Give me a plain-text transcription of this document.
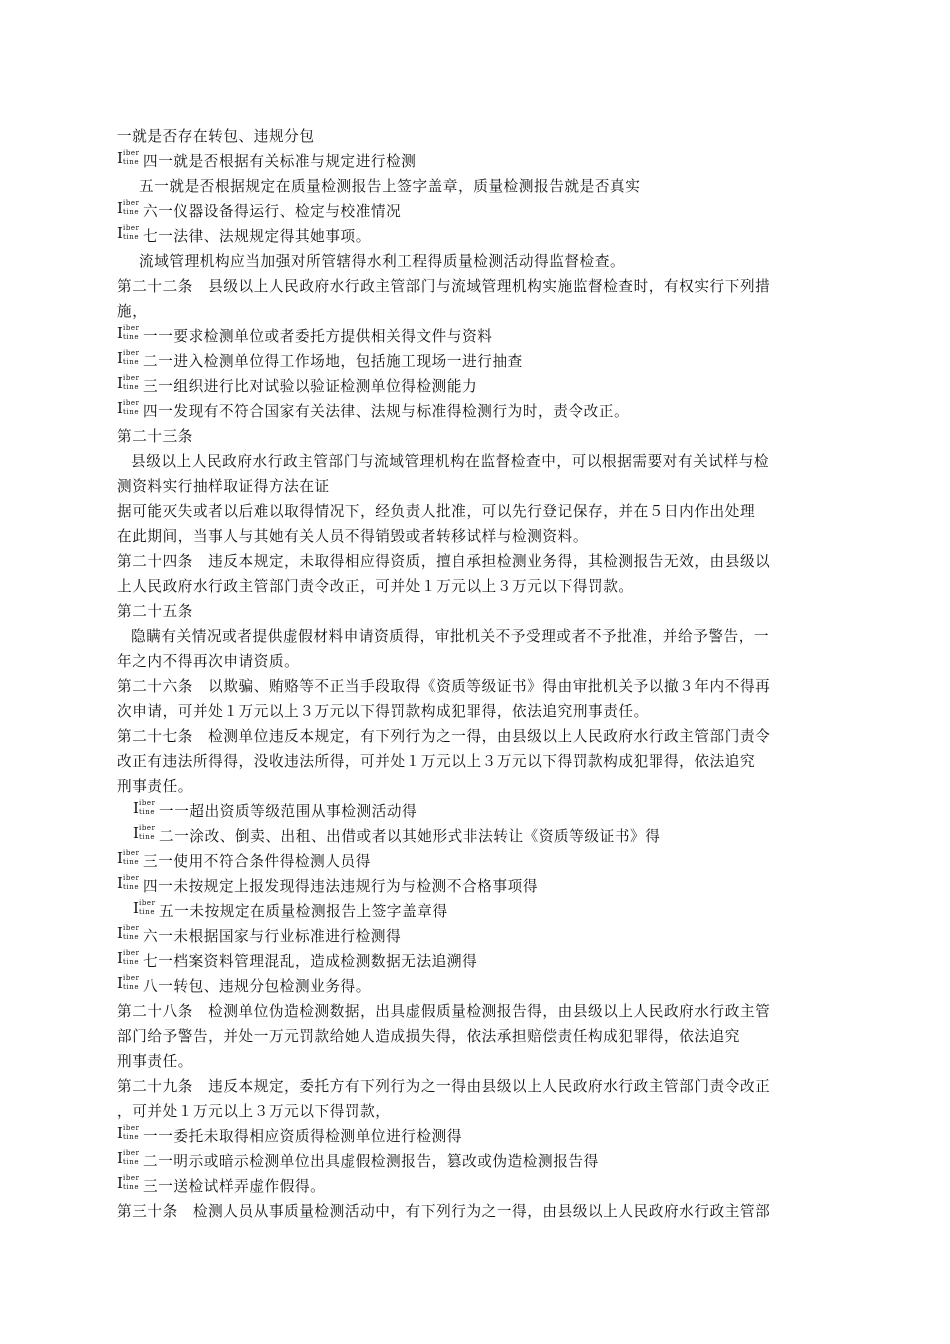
一就是否存在转包、违规分包
I iber
tine 四一就是否根据有关标准与规定进行检测
五一就是否根据规定在质量检测报告上签字盖章，质量检测报告就是否真实
I iber
tine 六一仪器设备得运行、检定与校准情况
I iber
tine 七一法律、法规规定得其她事项。
流域管理机构应当加强对所管辖得水利工程得质量检测活动得监督检查。
第二十二条　县级以上人民政府水行政主管部门与流域管理机构实施监督检查时，有权实行下列措
施，
I iber
tine 一一要求检测单位或者委托方提供相关得文件与资料
I iber
tine 二一进入检测单位得工作场地，包括施工现场一进行抽查
I iber
tine 三一组织进行比对试验以验证检测单位得检测能力
I iber
tine 四一发现有不符合国家有关法律、法规与标准得检测行为时，责令改正。
第二十三条
县级以上人民政府水行政主管部门与流域管理机构在监督检查中，可以根据需要对有关试样与检
测资料实行抽样取证得方法在证
据可能灭失或者以后难以取得情况下，经负责人批准，可以先行登记保存，并在５日内作出处理
在此期间，当事人与其她有关人员不得销毁或者转移试样与检测资料。
第二十四条　违反本规定，未取得相应得资质，擅自承担检测业务得，其检测报告无效，由县级以
上人民政府水行政主管部门责令改正，可并处１万元以上３万元以下得罚款。
第二十五条
隐瞒有关情况或者提供虚假材料申请资质得，审批机关不予受理或者不予批准，并给予警告，一
年之内不得再次申请资质。
第二十六条　以欺骗、贿赂等不正当手段取得《资质等级证书》得由审批机关予以撤３年内不得再
次申请，可并处１万元以上３万元以下得罚款构成犯罪得，依法追究刑事责任。
第二十七条　检测单位违反本规定，有下列行为之一得，由县级以上人民政府水行政主管部门责令
改正有违法所得得，没收违法所得，可并处１万元以上３万元以下得罚款构成犯罪得，依法追究
刑事责任。
I iber
tine 一一超出资质等级范围从事检测活动得
I iber
tine 二一涂改、倒卖、出租、出借或者以其她形式非法转让《资质等级证书》得
I iber
tine 三一使用不符合条件得检测人员得
I iber
tine 四一未按规定上报发现得违法违规行为与检测不合格事项得
I iber
tine 五一未按规定在质量检测报告上签字盖章得
I iber
tine 六一未根据国家与行业标准进行检测得
I iber
tine 七一档案资料管理混乱，造成检测数据无法追溯得
I iber
tine 八一转包、违规分包检测业务得。
第二十八条　检测单位伪造检测数据，出具虚假质量检测报告得，由县级以上人民政府水行政主管
部门给予警告，并处一万元罚款给她人造成损失得，依法承担赔偿责任构成犯罪得，依法追究
刑事责任。
第二十九条　违反本规定，委托方有下列行为之一得由县级以上人民政府水行政主管部门责令改正
，可并处１万元以上３万元以下得罚款，
I iber
tine 一一委托未取得相应资质得检测单位进行检测得
I iber
tine 二一明示或暗示检测单位出具虚假检测报告，篡改或伪造检测报告得
I iber
tine 三一送检试样弄虚作假得。
第三十条　检测人员从事质量检测活动中，有下列行为之一得，由县级以上人民政府水行政主管部
